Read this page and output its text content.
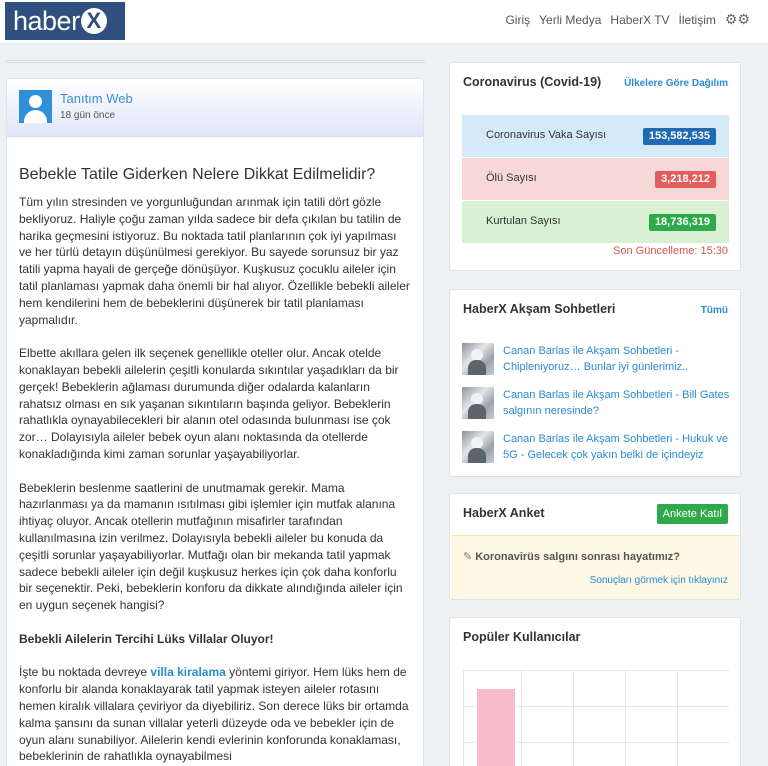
haber X	Giriş Yerli Medya HaberX TV İletişim ⚙⚙
Tanıtım Web
18 gün önce
Bebekle Tatile Giderken Nelere Dikkat Edilmelidir?

Tüm yılın stresinden ve yorgunluğundan arınmak için tatili dört gözle bekliyoruz. Haliyle çoğu zaman yılda sadece bir defa çıkılan bu tatilin de harika geçmesini istiyoruz. Bu noktada tatil planlarının çok iyi yapılması ve her türlü detayın düşünülmesi gerekiyor. Bu sayede sorunsuz bir yaz tatili yapma hayali de gerçeğe dönüşüyor. Kuşkusuz çocuklu aileler için tatil planlaması yapmak daha önemli bir hal alıyor. Özellikle bebekli aileler hem kendilerini hem de bebeklerini düşünerek bir tatil planlaması yapmalıdır.

Elbette akıllara gelen ilk seçenek genellikle oteller olur. Ancak otelde konaklayan bebekli ailelerin çeşitli konularda sıkıntılar yaşadıkları da bir gerçek! Bebeklerin ağlaması durumunda diğer odalarda kalanların rahatsız olması en sık yaşanan sıkıntıların başında geliyor. Bebeklerin rahatlıkla oynayabilecekleri bir alanın otel odasında bulunması ise çok zor… Dolayısıyla aileler bebek oyun alanı noktasında da otellerde konakladığında kimi zaman sorunlar yaşayabiliyorlar.

Bebeklerin beslenme saatlerini de unutmamak gerekir. Mama hazırlanması ya da mamanın ısıtılması gibi işlemler için mutfak alanına ihtiyaç oluyor. Ancak otellerin mutfağının misafirler tarafından kullanılmasına izin verilmez. Dolayısıyla bebekli aileler bu konuda da çeşitli sorunlar yaşayabiliyorlar. Mutfağı olan bir mekanda tatil yapmak sadece bebekli aileler için değil kuşkusuz herkes için çok daha konforlu bir seçenektir. Peki, bebeklerin konforu da dikkate alındığında aileler için en uygun seçenek hangisi?

Bebekli Ailelerin Tercihi Lüks Villalar Oluyor!

İşte bu noktada devreye villa kiralama yöntemi giriyor. Hem lüks hem de konforlu bir alanda konaklayarak tatil yapmak isteyen aileler rotasını hemen kiralık villalara çeviriyor da diyebiliriz. Son derece lüks bir ortamda kalma şansını da sunan villalar yeterli düzeyde oda ve bebekler için de oyun alanı sunabiliyor. Ailelerin kendi evlerinin konforunda konaklaması, bebeklerinin de rahatlıkla oynayabilmesi

Coronavirus (Covid-19) Ülkelere Göre Dağılım
Coronavirus Vaka Sayısı	153,582,535
Ölü Sayısı	3,218,212
Kurtulan Sayısı	18,736,319
Son Güncelleme: 15:30
HaberX Akşam Sohbetleri	Tümü
Canan Barlas ile Akşam Sohbetleri - Chipleniyoruz… Bunlar iyi günlerimiz..
Canan Barlas ile Akşam Sohbetleri - Bill Gates salgının neresinde?
Canan Barlas ile Akşam Sohbetleri - Hukuk ve 5G - Gelecek çok yakın belki de içindeyiz
HaberX Anket	Ankete Katıl
✎ Koronavirüs salgını sonrası hayatımız?
Sonuçları görmek için tıklayınız
Popüler Kullanıcılar
